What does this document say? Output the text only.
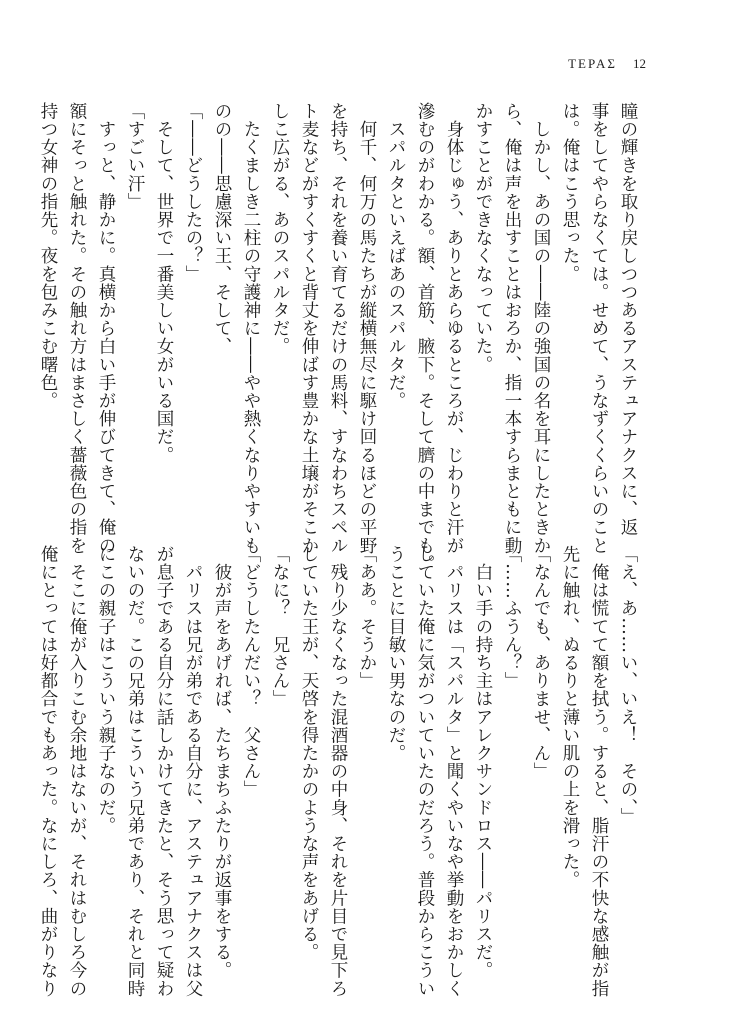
ΤΕΡΑΣ 12

瞳の輝きを取り戻しつつあるアステュアナクスに、返

事をしてやらなくては。せめて、うなずくくらいのこと

は。俺はこう思った。

　しかし、あの国の――陸の強国の名を耳にしたときか

ら、俺は声を出すことはおろか、指一本すらまともに動

かすことができなくなっていた。

　身体じゅう、ありとあらゆるところが、じわりと汗が

滲むのがわかる。額、首筋、腋下。そして臍の中までも。

　スパルタといえばあのスパルタだ。

　何千、何万の馬たちが縦横無尽に駆け回るほどの平野

を持ち、それを養い育てるだけの馬料、すなわちスペル

ト麦などがすくすくと背丈を伸ばす豊かな土壌がそこか

しこ広がる、あのスパルタだ。

　たくましき二柱の守護神に――やや熱くなりやすいも

のの――思慮深い王、そして、

「――どうしたの？」

　そして、世界で一番美しい女がいる国だ。

「すごい汗」

　すっと、静かに。真横から白い手が伸びてきて、俺の

額にそっと触れた。その触れ方はまさしく薔薇色の指を

持つ女神の指先。夜を包みこむ曙色。

「え、あ……い、いえ！　その、」

　俺は慌てて額を拭う。すると、脂汗の不快な感触が指

先に触れ、ぬるりと薄い肌の上を滑った。

「なんでも、ありませ、ん」

「……ふうん？」

　白い手の持ち主はアレクサンドロス――パリスだ。

　パリスは「スパルタ」と聞くやいなや挙動をおかしく

していた俺に気がついていたのだろう。普段からこうい

うことに目敏い男なのだ。

「ああ。そうか」

　残り少なくなった混酒器の中身、それを片目で見下ろ

していた王が、天啓を得たかのような声をあげる。

「なに？　兄さん」

「どうしたんだい？　父さん」

　彼が声をあげれば、たちまちふたりが返事をする。

　パリスは兄が弟である自分に、アステュアナクスは父

が息子である自分に話しかけてきたと、そう思って疑わ

ないのだ。この兄弟はこういう兄弟であり、それと同時

にこの親子はこういう親子なのだ。

　そこに俺が入りこむ余地はないが、それはむしろ今の

俺にとっては好都合でもあった。なにしろ、曲がりなり
